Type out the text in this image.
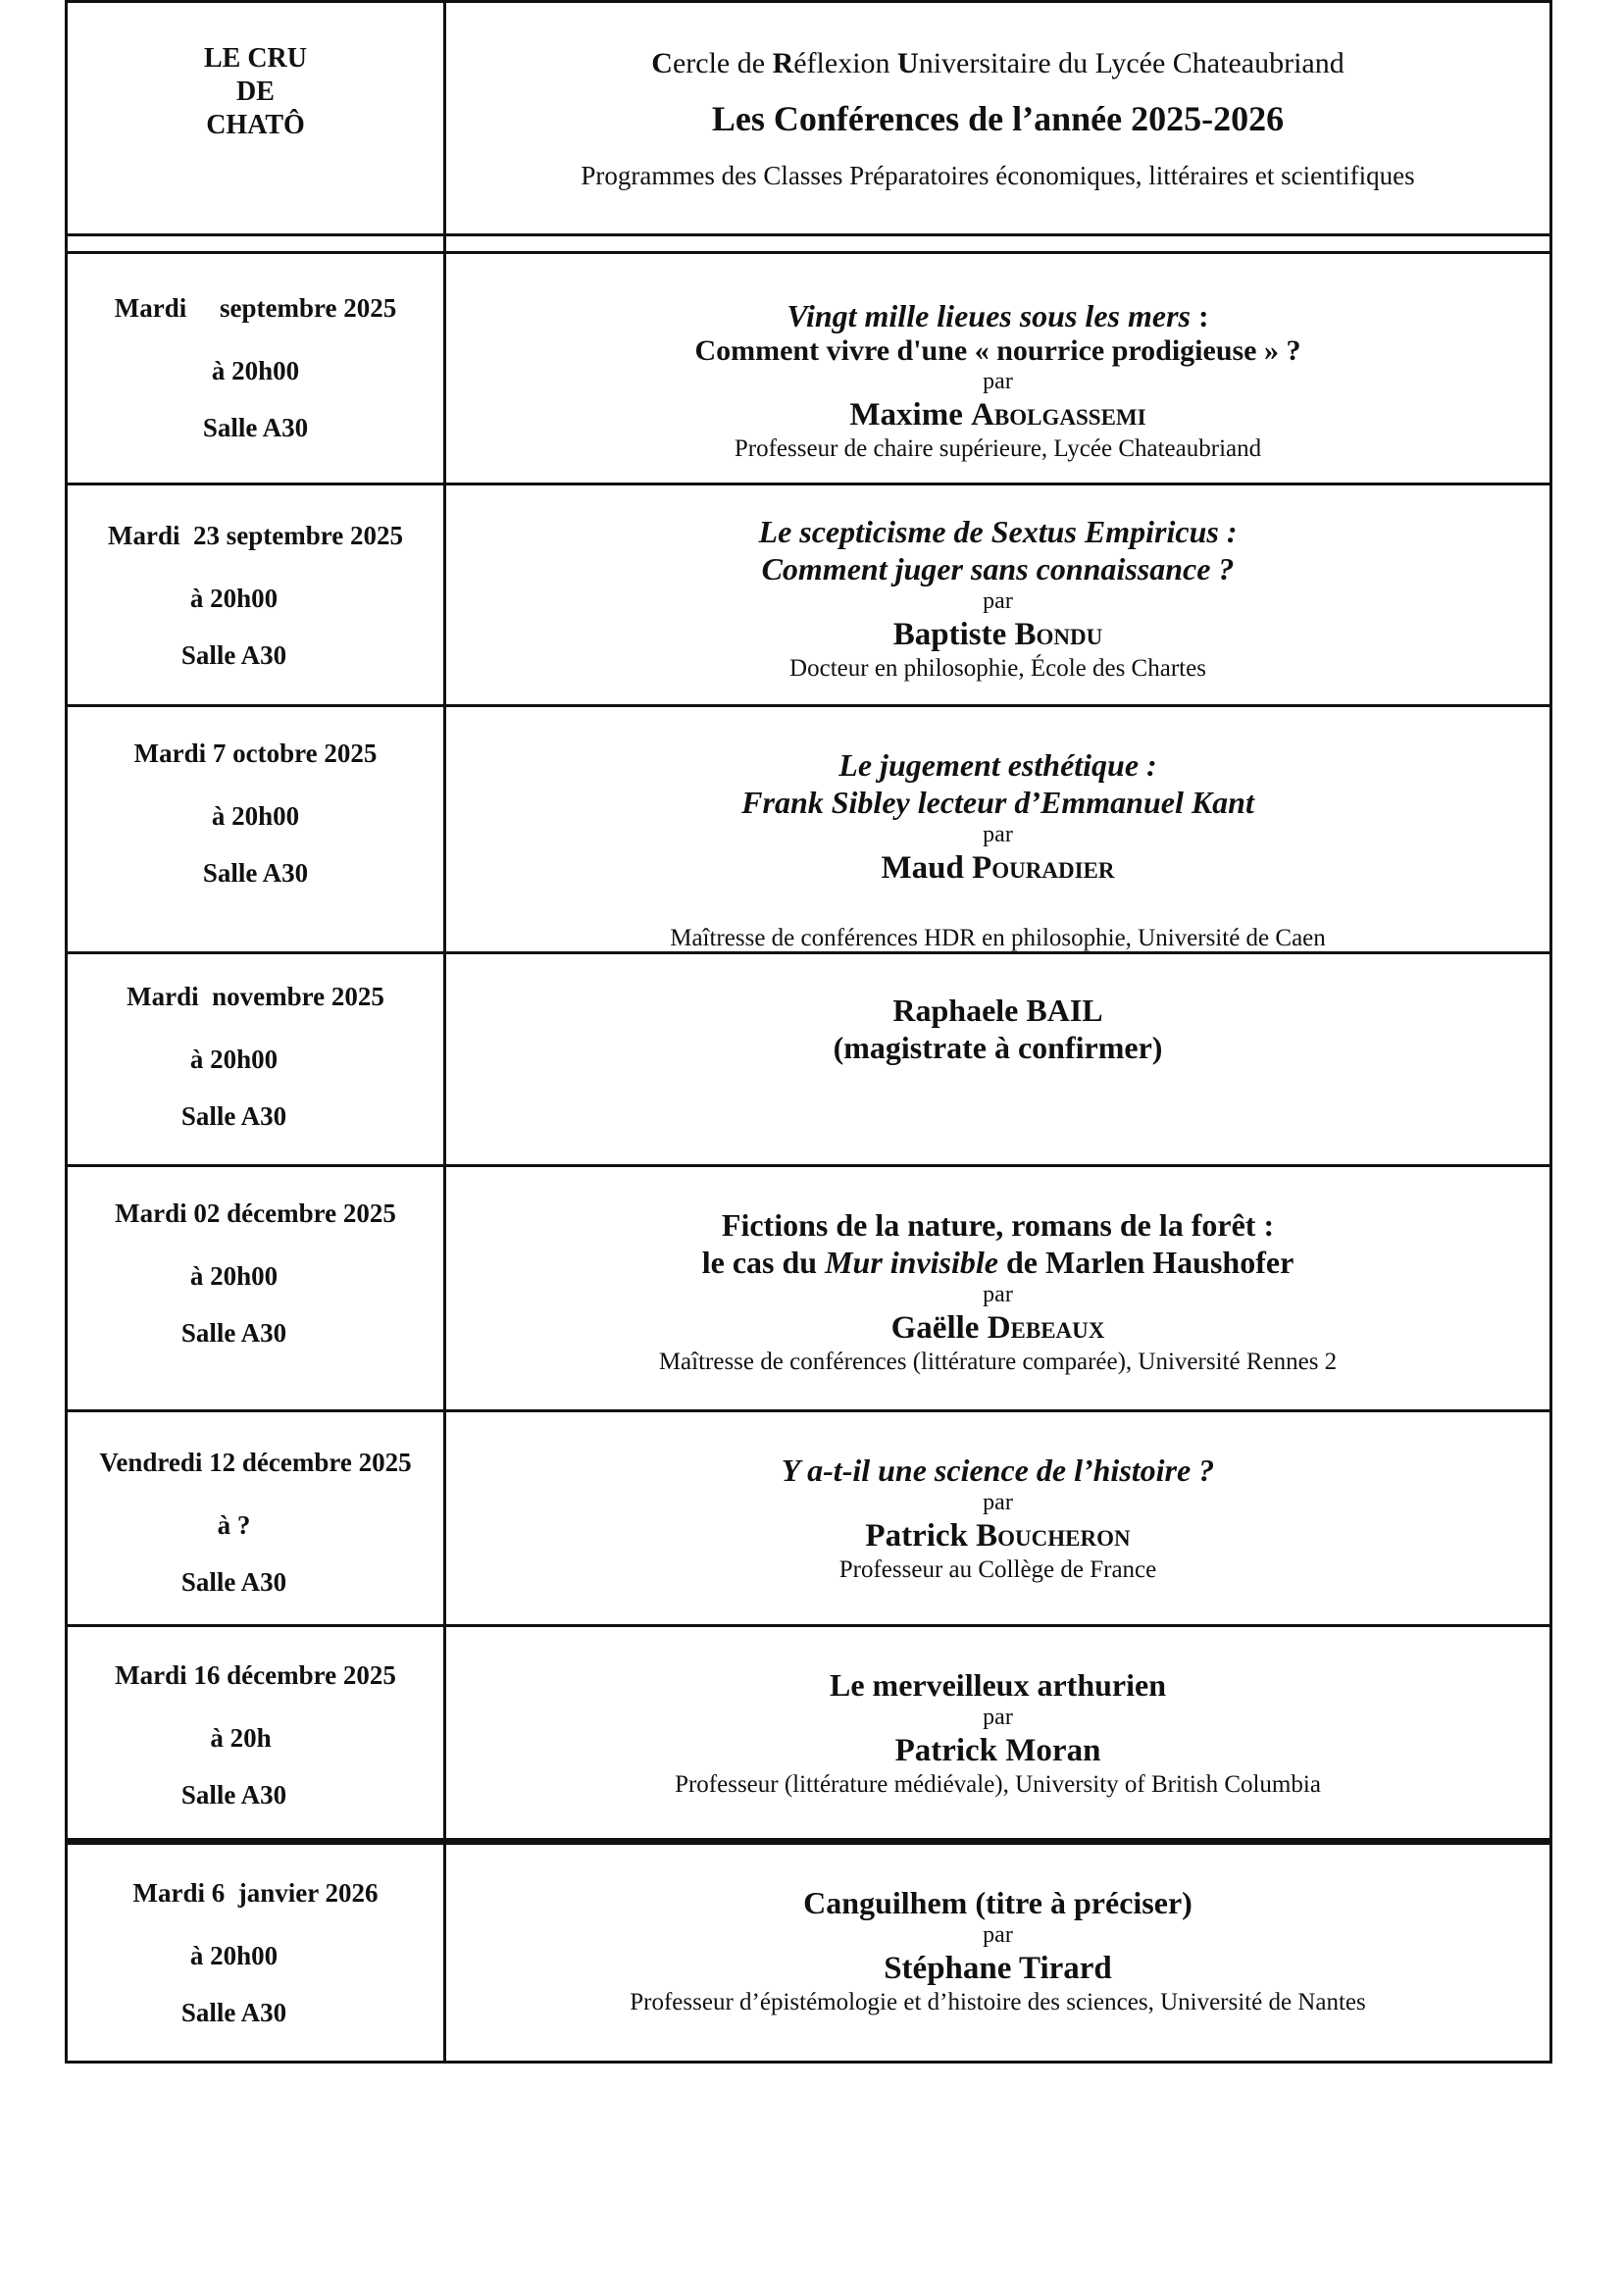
LE CRU
DE
CHATÔ
Cercle de Réflexion Universitaire du Lycée Chateaubriand
Les Conférences de l’année 2025-2026
Programmes des Classes Préparatoires économiques, littéraires et scientifiques
Mardi     septembre 2025
à 20h00
Salle A30
Vingt mille lieues sous les mers :
Comment vivre d'une « nourrice prodigieuse » ?
par
Maxime Abolgassemi
Professeur de chaire supérieure, Lycée Chateaubriand
Mardi  23 septembre 2025
à 20h00
Salle A30
Le scepticisme de Sextus Empiricus :
Comment juger sans connaissance ?
par
Baptiste Bondu
Docteur en philosophie, École des Chartes
Mardi 7 octobre 2025
à 20h00
Salle A30
Le jugement esthétique :
Frank Sibley lecteur d’Emmanuel Kant
par
Maud Pouradier
Maîtresse de conférences HDR en philosophie, Université de Caen
Mardi  novembre 2025
à 20h00
Salle A30
Raphaele BAIL
(magistrate à confirmer)
Mardi 02 décembre 2025
à 20h00
Salle A30
Fictions de la nature, romans de la forêt :
le cas du Mur invisible de Marlen Haushofer
par
Gaëlle Debeaux
Maîtresse de conférences (littérature comparée), Université Rennes 2
Vendredi 12 décembre 2025
à ?
Salle A30
Y a-t-il une science de l’histoire ?
par
Patrick Boucheron
Professeur au Collège de France
Mardi 16 décembre 2025
à 20h
Salle A30
Le merveilleux arthurien
par
Patrick Moran
Professeur (littérature médiévale), University of British Columbia
Mardi 6  janvier 2026
à 20h00
Salle A30
Canguilhem (titre à préciser)
par
Stéphane Tirard
Professeur d’épistémologie et d’histoire des sciences, Université de Nantes
